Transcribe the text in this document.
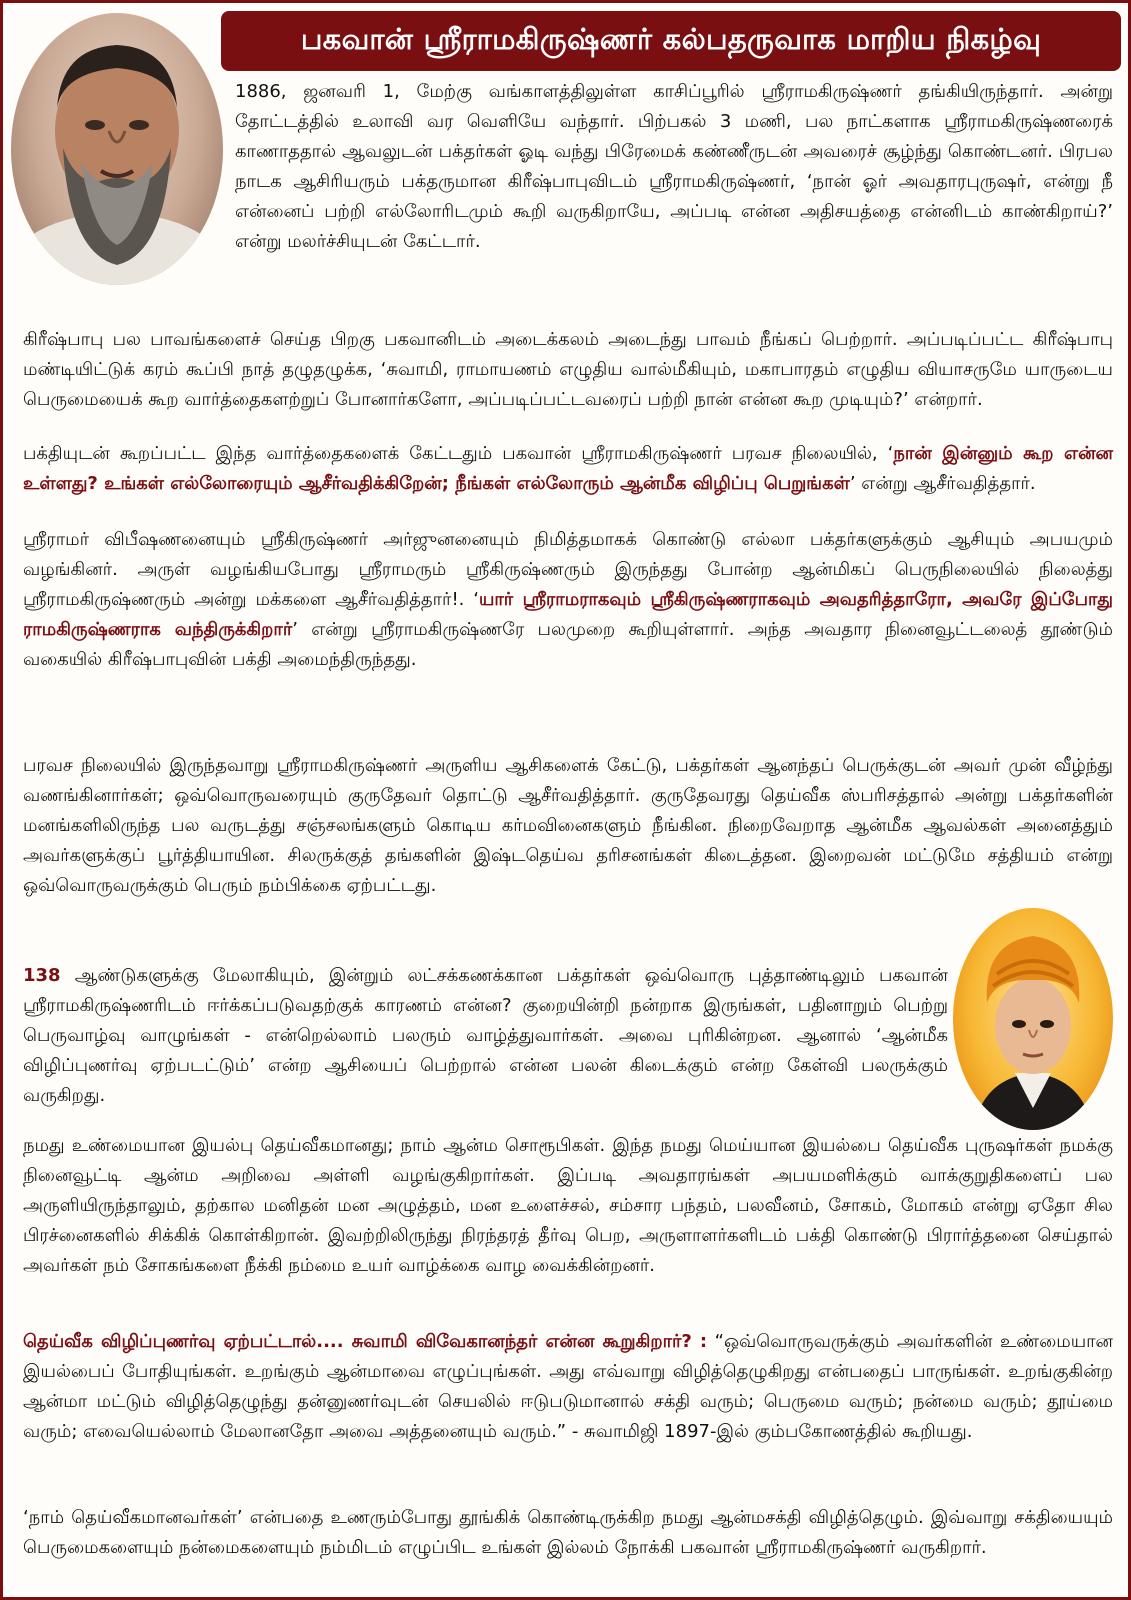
பகவான் ஸ்ரீராமகிருஷ்ணர் கல்பதருவாக மாறிய நிகழ்வு

1886, ஜனவரி 1, மேற்கு வங்காளத்திலுள்ள காசிப்பூரில் ஸ்ரீராமகிருஷ்ணர் தங்கியிருந்தார். அன்று தோட்டத்தில் உலாவி வர வெளியே வந்தார். பிற்பகல் 3 மணி, பல நாட்களாக ஸ்ரீராமகிருஷ்ணரைக் காணாததால் ஆவலுடன் பக்தர்கள் ஓடி வந்து பிரேமைக் கண்ணீருடன் அவரைச் சூழ்ந்து கொண்டனர். பிரபல நாடக ஆசிரியரும் பக்தருமான கிரீஷ்பாபுவிடம் ஸ்ரீராமகிருஷ்ணர், ‘நான் ஓர் அவதாரபுருஷர், என்று நீ என்னைப் பற்றி எல்லோரிடமும் கூறி வருகிறாயே, அப்படி என்ன அதிசயத்தை என்னிடம் காண்கிறாய்?’ என்று மலர்ச்சியுடன் கேட்டார்.

கிரீஷ்பாபு பல பாவங்களைச் செய்த பிறகு பகவானிடம் அடைக்கலம் அடைந்து பாவம் நீங்கப் பெற்றார். அப்படிப்பட்ட கிரீஷ்பாபு மண்டியிட்டுக் கரம் கூப்பி நாத் தழுதழுக்க, ‘சுவாமி, ராமாயணம் எழுதிய வால்மீகியும், மகாபாரதம் எழுதிய வியாசருமே யாருடைய பெருமையைக் கூற வார்த்தைகளற்றுப் போனார்களோ, அப்படிப்பட்டவரைப் பற்றி நான் என்ன கூற முடியும்?’ என்றார்.

பக்தியுடன் கூறப்பட்ட இந்த வார்த்தைகளைக் கேட்டதும் பகவான் ஸ்ரீராமகிருஷ்ணர் பரவச நிலையில், ‘நான் இன்னும் கூற என்ன உள்ளது? உங்கள் எல்லோரையும் ஆசீர்வதிக்கிறேன்; நீங்கள் எல்லோரும் ஆன்மீக விழிப்பு பெறுங்கள்’ என்று ஆசீர்வதித்தார்.

ஸ்ரீராமர் விபீஷணனையும் ஸ்ரீகிருஷ்ணர் அர்ஜுனனையும் நிமித்தமாகக் கொண்டு எல்லா பக்தர்களுக்கும் ஆசியும் அபயமும் வழங்கினர். அருள் வழங்கியபோது ஸ்ரீராமரும் ஸ்ரீகிருஷ்ணரும் இருந்தது போன்ற ஆன்மிகப் பெருநிலையில் நிலைத்து ஸ்ரீராமகிருஷ்ணரும் அன்று மக்களை ஆசீர்வதித்தார்!. ‘யார் ஸ்ரீராமராகவும் ஸ்ரீகிருஷ்ணராகவும் அவதரித்தாரோ, அவரே இப்போது ராமகிருஷ்ணராக வந்திருக்கிறார்’ என்று ஸ்ரீராமகிருஷ்ணரே பலமுறை கூறியுள்ளார். அந்த அவதார நினைவூட்டலைத் தூண்டும் வகையில் கிரீஷ்பாபுவின் பக்தி அமைந்திருந்தது.

பரவச நிலையில் இருந்தவாறு ஸ்ரீராமகிருஷ்ணர் அருளிய ஆசிகளைக் கேட்டு, பக்தர்கள் ஆனந்தப் பெருக்குடன் அவர் முன் வீழ்ந்து வணங்கினார்கள்; ஒவ்வொருவரையும் குருதேவர் தொட்டு ஆசீர்வதித்தார். குருதேவரது தெய்வீக ஸ்பரிசத்தால் அன்று பக்தர்களின் மனங்களிலிருந்த பல வருடத்து சஞ்சலங்களும் கொடிய கர்மவினைகளும் நீங்கின. நிறைவேறாத ஆன்மீக ஆவல்கள் அனைத்தும் அவர்களுக்குப் பூர்த்தியாயின. சிலருக்குத் தங்களின் இஷ்டதெய்வ தரிசனங்கள் கிடைத்தன. இறைவன் மட்டுமே சத்தியம் என்று ஒவ்வொருவருக்கும் பெரும் நம்பிக்கை ஏற்பட்டது.

138 ஆண்டுகளுக்கு மேலாகியும், இன்றும் லட்சக்கணக்கான பக்தர்கள் ஒவ்வொரு புத்தாண்டிலும் பகவான் ஸ்ரீராமகிருஷ்ணரிடம் ஈர்க்கப்படுவதற்குக் காரணம் என்ன? குறையின்றி நன்றாக இருங்கள், பதினாறும் பெற்று பெருவாழ்வு வாழுங்கள் - என்றெல்லாம் பலரும் வாழ்த்துவார்கள். அவை புரிகின்றன. ஆனால் ‘ஆன்மீக விழிப்புணர்வு ஏற்படட்டும்’ என்ற ஆசியைப் பெற்றால் என்ன பலன் கிடைக்கும் என்ற கேள்வி பலருக்கும் வருகிறது.

நமது உண்மையான இயல்பு தெய்வீகமானது; நாம் ஆன்ம சொரூபிகள். இந்த நமது மெய்யான இயல்பை தெய்வீக புருஷர்கள் நமக்கு நினைவூட்டி ஆன்ம அறிவை அள்ளி வழங்குகிறார்கள். இப்படி அவதாரங்கள் அபயமளிக்கும் வாக்குறுதிகளைப் பல அருளியிருந்தாலும், தற்கால மனிதன் மன அழுத்தம், மன உளைச்சல், சம்சார பந்தம், பலவீனம், சோகம், மோகம் என்று ஏதோ சில பிரச்னைகளில் சிக்கிக் கொள்கிறான். இவற்றிலிருந்து நிரந்தரத் தீர்வு பெற, அருளாளர்களிடம் பக்தி கொண்டு பிரார்த்தனை செய்தால் அவர்கள் நம் சோகங்களை நீக்கி நம்மை உயர் வாழ்க்கை வாழ வைக்கின்றனர்.

தெய்வீக விழிப்புணர்வு ஏற்பட்டால்.... சுவாமி விவேகானந்தர் என்ன கூறுகிறார்? : “ஒவ்வொருவருக்கும் அவர்களின் உண்மையான இயல்பைப் போதியுங்கள். உறங்கும் ஆன்மாவை எழுப்புங்கள். அது எவ்வாறு விழித்தெழுகிறது என்பதைப் பாருங்கள். உறங்குகின்ற ஆன்மா மட்டும் விழித்தெழுந்து தன்னுணர்வுடன் செயலில் ஈடுபடுமானால் சக்தி வரும்; பெருமை வரும்; நன்மை வரும்; தூய்மை வரும்; எவையெல்லாம் மேலானதோ அவை அத்தனையும் வரும்.” - சுவாமிஜி 1897-இல் கும்பகோணத்தில் கூறியது.

‘நாம் தெய்வீகமானவர்கள்’ என்பதை உணரும்போது தூங்கிக் கொண்டிருக்கிற நமது ஆன்மசக்தி விழித்தெழும். இவ்வாறு சக்தியையும் பெருமைகளையும் நன்மைகளையும் நம்மிடம் எழுப்பிட உங்கள் இல்லம் நோக்கி பகவான் ஸ்ரீராமகிருஷ்ணர் வருகிறார்.
